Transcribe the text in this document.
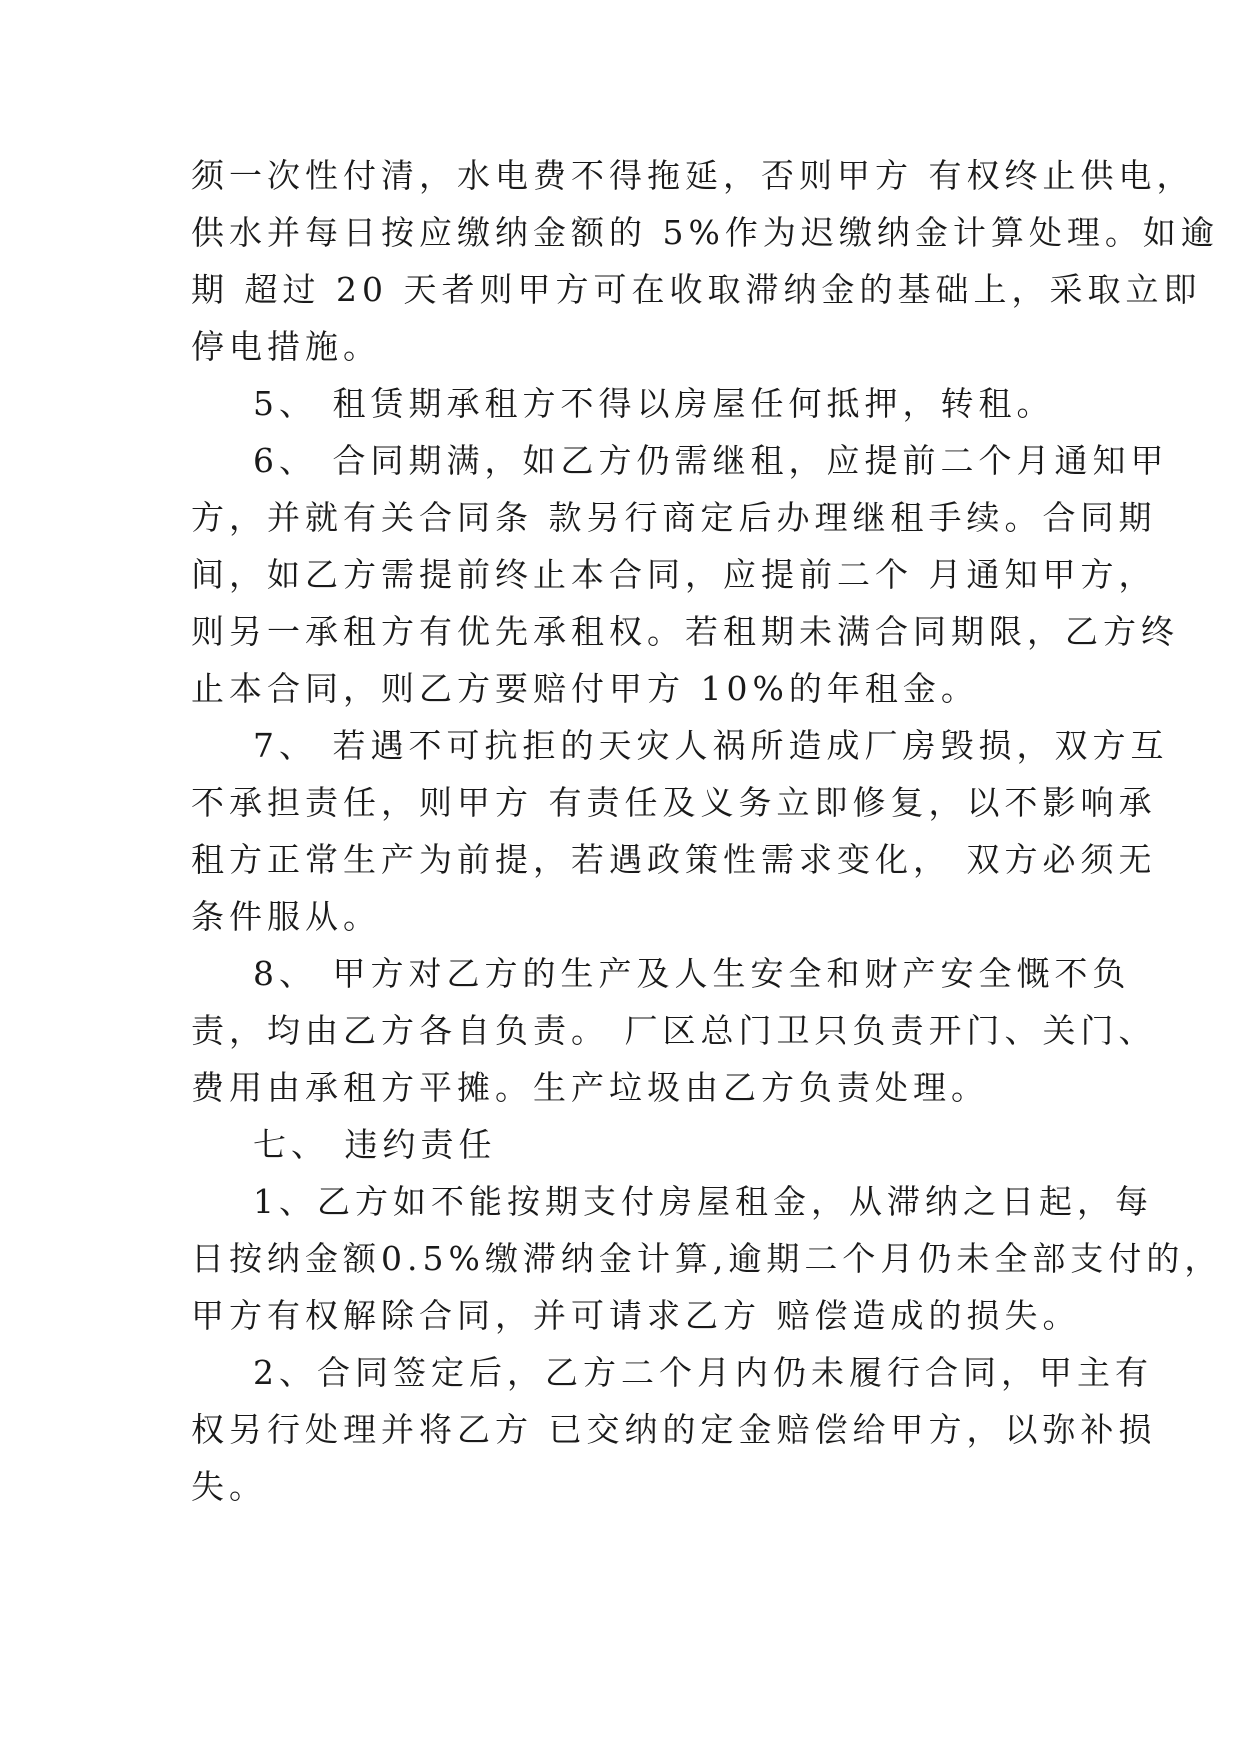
须一次性付清，水电费不得拖延，否则甲方 有权终止供电，
供水并每日按应缴纳金额的 5%作为迟缴纳金计算处理。如逾
期 超过 20 天者则甲方可在收取滞纳金的基础上，采取立即
停电措施。
5、 租赁期承租方不得以房屋任何抵押，转租。
6、 合同期满，如乙方仍需继租，应提前二个月通知甲
方，并就有关合同条 款另行商定后办理继租手续。合同期
间，如乙方需提前终止本合同，应提前二个 月通知甲方，
则另一承租方有优先承租权。若租期未满合同期限，乙方终
止本合同，则乙方要赔付甲方 10%的年租金。
7、 若遇不可抗拒的天灾人祸所造成厂房毁损，双方互
不承担责任，则甲方 有责任及义务立即修复，以不影响承
租方正常生产为前提，若遇政策性需求变化， 双方必须无
条件服从。
8、 甲方对乙方的生产及人生安全和财产安全慨不负
责，均由乙方各自负责。 厂区总门卫只负责开门、关门、
费用由承租方平摊。生产垃圾由乙方负责处理。
七、 违约责任
1、乙方如不能按期支付房屋租金，从滞纳之日起，每
日按纳金额0.5%缴滞纳金计算,逾期二个月仍未全部支付的，
甲方有权解除合同，并可请求乙方 赔偿造成的损失。
2、合同签定后，乙方二个月内仍未履行合同，甲主有
权另行处理并将乙方 已交纳的定金赔偿给甲方，以弥补损
失。
